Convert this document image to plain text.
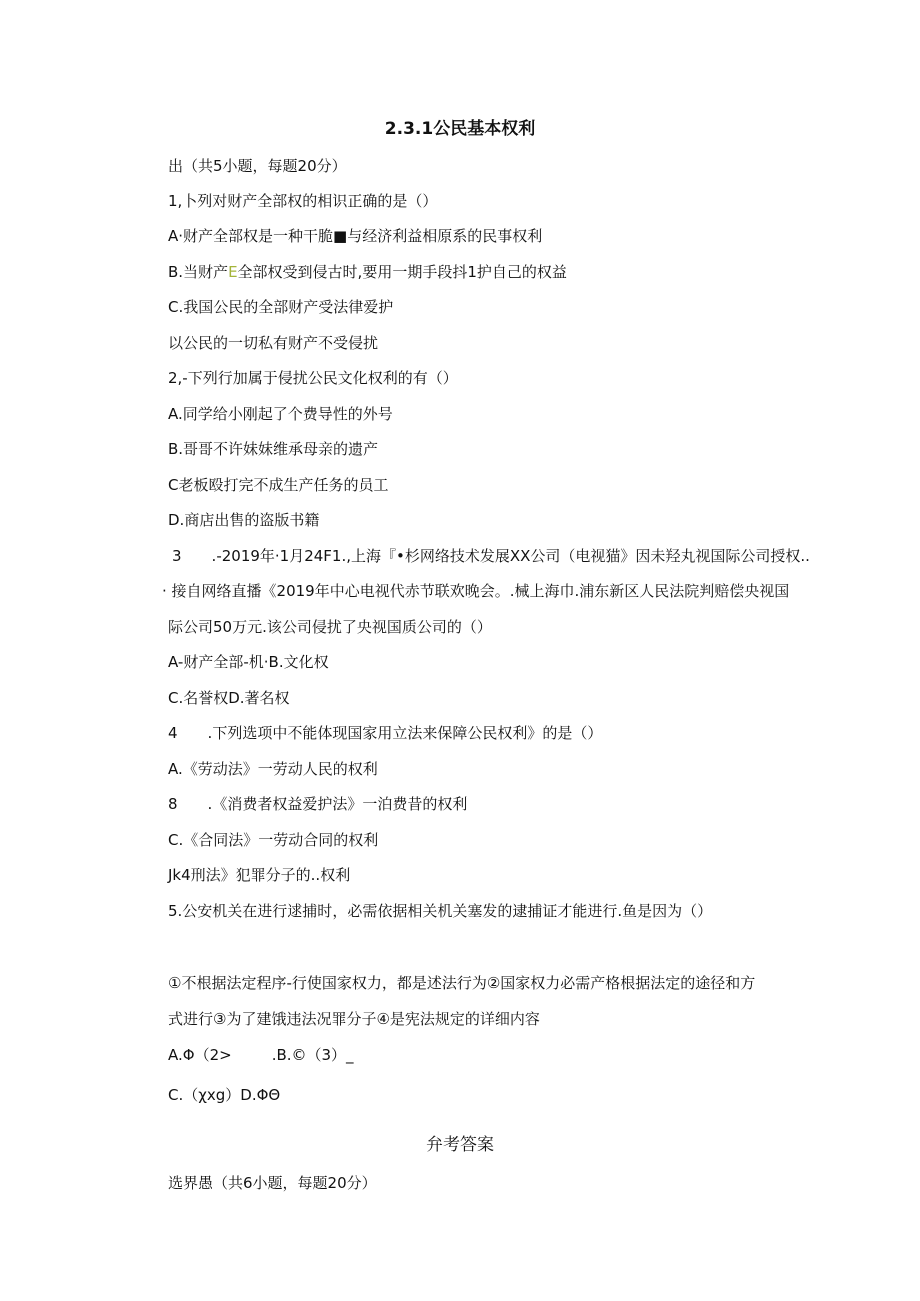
2.3.1公民基本权利
出（共5小题，每题20分）
1,卜列对财产全部权的相识正确的是（）
A·财产全部权是一种干脆■与经济利益相原系的民事权利
B.当财产E全部权受到侵古时,要用一期手段抖1护自己的权益
C.我国公民的全部财产受法律爱护
以公民的一切私有财产不受侵扰
2,-下列行加属于侵扰公民文化权利的有（）
A.同学给小刚起了个费导性的外号
B.哥哥不许妹妹维承母亲的遗产
C老板殴打完不成生产任务的员工
D.商店出售的盗版书籍
3 .-2019年·1月24F1.,上海『•杉网络技术发展XX公司（电视猫》因未羟丸视国际公司授权..
· 接自网络直播《2019年中心电视代赤节联欢晚会。.械上海巾.浦东新区人民法院判赔偿央视国
际公司50万元.该公司侵扰了央视国质公司的（）
A-财产全部-机·B.文化权
C.名誉权D.著名权
4 .下列选项中不能体现国家用立法来保障公民权利》的是（）
A.《劳动法》一劳动人民的权利
8 .《消费者权益爱护法》一泊费昔的权利
C.《合同法》一劳动合同的权利
Jk4刑法》犯罪分子的..权利
5.公安机关在进行逑捕时，必需依据相关机关塞发的逮捕证才能进行.鱼是因为（）
①不根据法定程序-行使国家权力，都是述法行为②国家权力必需产格根据法定的途径和方
式进行③为了建饿违法况罪分子④是宪法规定的详细内容
A.Φ（2>	.B.©（3）_
C.（χxg）D.ΦΘ
弁考答案
选界愚（共6小题，每题20分）
